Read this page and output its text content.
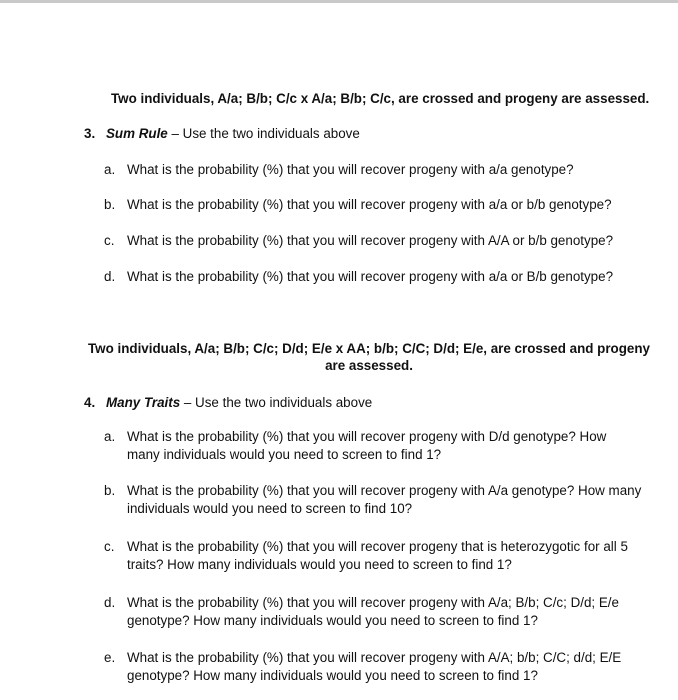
Two individuals, A/a; B/b; C/c x A/a; B/b; C/c, are crossed and progeny are assessed.
3. Sum Rule – Use the two individuals above
a. What is the probability (%) that you will recover progeny with a/a genotype?
b. What is the probability (%) that you will recover progeny with a/a or b/b genotype?
c. What is the probability (%) that you will recover progeny with A/A or b/b genotype?
d. What is the probability (%) that you will recover progeny with a/a or B/b genotype?
Two individuals, A/a; B/b; C/c; D/d; E/e x AA; b/b; C/C; D/d; E/e, are crossed and progeny are assessed.
4. Many Traits – Use the two individuals above
a. What is the probability (%) that you will recover progeny with D/d genotype? How many individuals would you need to screen to find 1?
b. What is the probability (%) that you will recover progeny with A/a genotype? How many individuals would you need to screen to find 10?
c. What is the probability (%) that you will recover progeny that is heterozygotic for all 5 traits? How many individuals would you need to screen to find 1?
d. What is the probability (%) that you will recover progeny with A/a; B/b; C/c; D/d; E/e genotype? How many individuals would you need to screen to find 1?
e. What is the probability (%) that you will recover progeny with A/A; b/b; C/C; d/d; E/E genotype? How many individuals would you need to screen to find 1?
